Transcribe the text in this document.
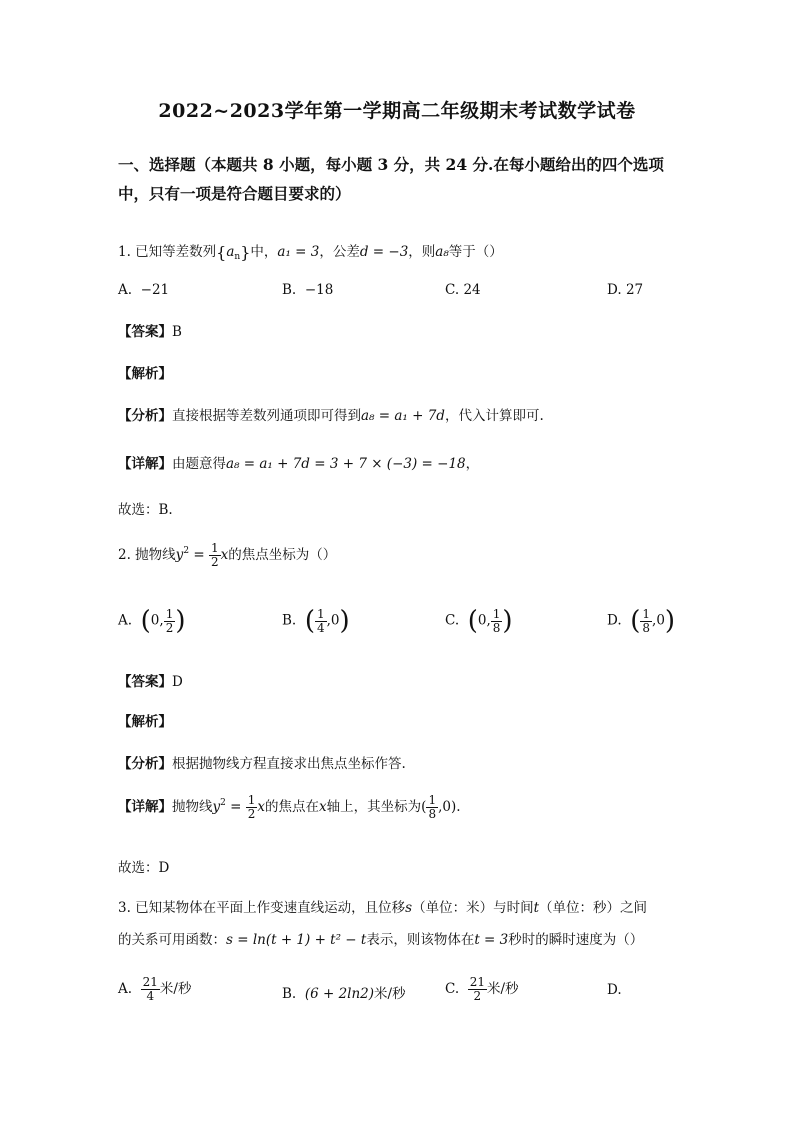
2022~2023学年第一学期高二年级期末考试数学试卷
一、选择题（本题共 8 小题，每小题 3 分，共 24 分.在每小题给出的四个选项中，只有一项是符合题目要求的）
1. 已知等差数列$\{a_n\}$中，a₁ = 3，公差d = −3，则a₈等于（）
A. −21	B. −18	C. 24	D. 27
【答案】B
【解析】
【分析】直接根据等差数列通项即可得到a₈ = a₁ + 7d，代入计算即可.
【详解】由题意得a₈ = a₁ + 7d = 3 + 7 × (−3) = −18，
故选：B.
2. 抛物线$y^2 = \frac{1}{2}$ x的焦点坐标为（）
A. (0, $\frac{1}{2}$ )	B. ( $\frac{1}{4} ,0$)	C. (0, $\frac{1}{8}$ )	D. ( $\frac{1}{8} ,0$)
【答案】D
【解析】
【分析】根据抛物线方程直接求出焦点坐标作答.
【详解】抛物线$y^2 = \frac{1}{2}$ x的焦点在x轴上，其坐标为( $\frac{1}{8} ,0$).
故选：D
3. 已知某物体在平面上作变速直线运动，且位移s（单位：米）与时间t（单位：秒）之间
的关系可用函数：s = ln(t + 1) + t² − t表示，则该物体在t = 3秒时的瞬时速度为（）
A. $\frac{21}{4}$ 米/秒	B. (6 + 2ln2)米/秒	C. $\frac{21}{2}$ 米/秒	D.
